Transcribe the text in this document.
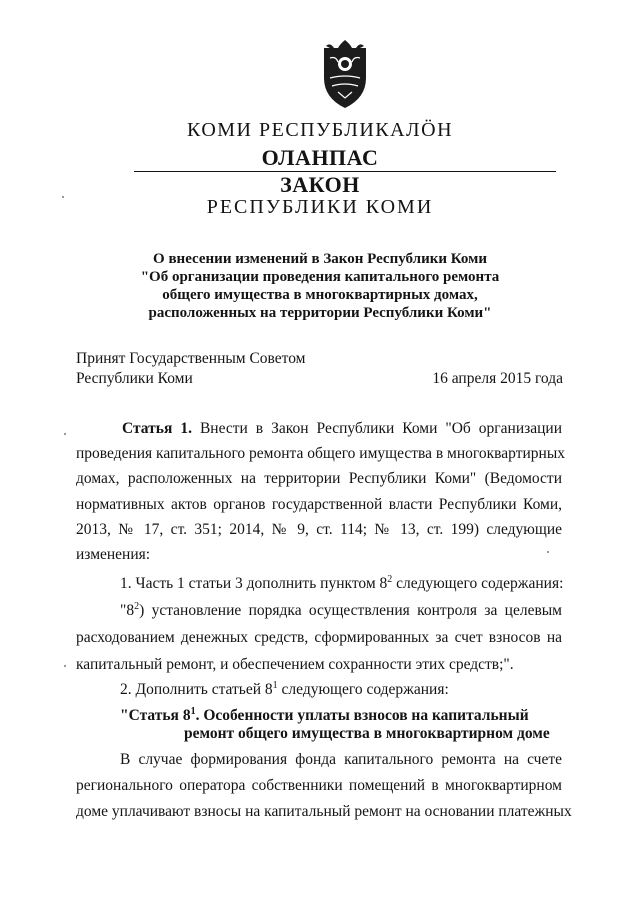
КОМИ РЕСПУБЛИКАЛӦН
ОЛАНПАС
ЗАКОН
РЕСПУБЛИКИ КОМИ
О внесении изменений в Закон Республики Коми
"Об организации проведения капитального ремонта
общего имущества в многоквартирных домах,
расположенных на территории Республики Коми"
Принят Государственным Советом
Республики Коми	16 апреля 2015 года
Статья 1. Внести в Закон Республики Коми "Об организации
проведения капитального ремонта общего имущества в многоквартирных
домах, расположенных на территории Республики Коми" (Ведомости
нормативных актов органов государственной власти Республики Коми,
2013, № 17, ст. 351; 2014, № 9, ст. 114; № 13, ст. 199) следующие
изменения:
1. Часть 1 статьи 3 дополнить пунктом $8^2$ следующего содержания:
"$8^2$) установление порядка осуществления контроля за целевым
расходованием денежных средств, сформированных за счет взносов на
капитальный ремонт, и обеспечением сохранности этих средств;".
2. Дополнить статьей $8^1$ следующего содержания:
"Статья $8^1$. Особенности уплаты взносов на капитальный
ремонт общего имущества в многоквартирном доме
В случае формирования фонда капитального ремонта на счете
регионального оператора собственники помещений в многоквартирном
доме уплачивают взносы на капитальный ремонт на основании платежных
